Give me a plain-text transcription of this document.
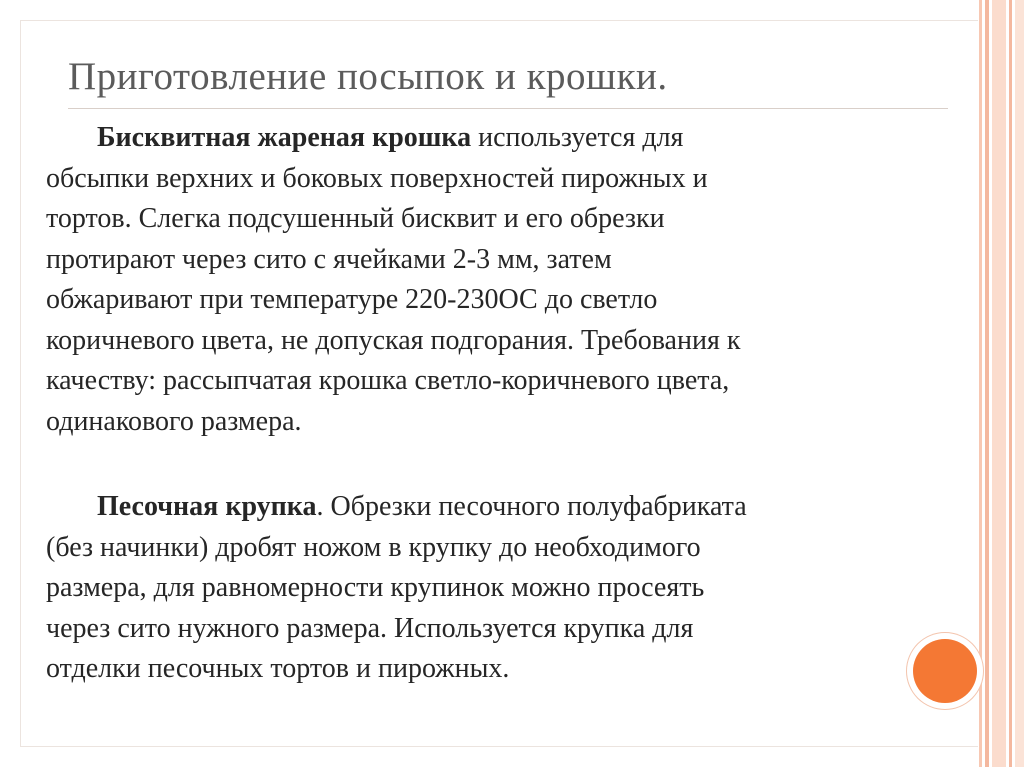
Приготовление посыпок и крошки.
Бисквитная жареная крошка используется для
обсыпки верхних и боковых поверхностей пирожных и
тортов. Слегка подсушенный бисквит и его обрезки
протирают через сито с ячейками 2-3 мм, затем
обжаривают при температуре 220-230ОС до светло
коричневого цвета, не допуская подгорания. Требования к
качеству: рассыпчатая крошка светло-коричневого цвета,
одинакового размера.
Песочная крупка. Обрезки песочного полуфабриката
(без начинки) дробят ножом в крупку до необходимого
размера, для равномерности крупинок можно просеять
через сито нужного размера. Используется крупка для
отделки песочных тортов и пирожных.
